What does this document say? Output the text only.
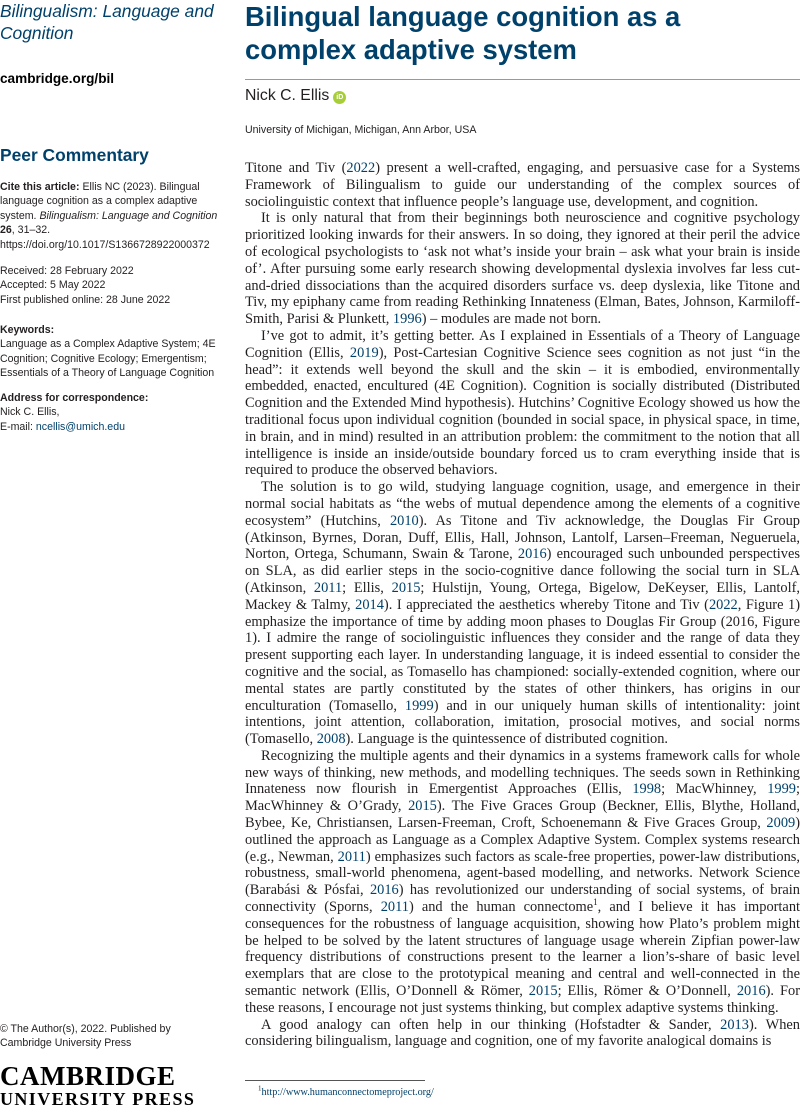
Bilingualism: Language and Cognition
cambridge.org/bil
Peer Commentary
Cite this article: Ellis NC (2023). Bilingual language cognition as a complex adaptive system. Bilingualism: Language and Cognition 26, 31–32. https://doi.org/10.1017/S1366728922000372
Received: 28 February 2022
Accepted: 5 May 2022
First published online: 28 June 2022
Keywords:
Language as a Complex Adaptive System; 4E Cognition; Cognitive Ecology; Emergentism; Essentials of a Theory of Language Cognition
Address for correspondence:
Nick C. Ellis,
E-mail: ncellis@umich.edu
© The Author(s), 2022. Published by Cambridge University Press
CAMBRIDGE
UNIVERSITY PRESS
Bilingual language cognition as a complex adaptive system
Nick C. Ellis iD
University of Michigan, Michigan, Ann Arbor, USA

Titone and Tiv (2022) present a well-crafted, engaging, and persuasive case for a Systems Framework of Bilingualism to guide our understanding of the complex sources of sociolinguistic context that influence people’s language use, development, and cognition.

It is only natural that from their beginnings both neuroscience and cognitive psychology prioritized looking inwards for their answers. In so doing, they ignored at their peril the advice of ecological psychologists to ‘ask not what’s inside your brain – ask what your brain is inside of’. After pursuing some early research showing developmental dyslexia involves far less cut-and-dried dissociations than the acquired disorders surface vs. deep dyslexia, like Titone and Tiv, my epiphany came from reading Rethinking Innateness (Elman, Bates, Johnson, Karmiloff-Smith, Parisi & Plunkett, 1996) – modules are made not born.

I’ve got to admit, it’s getting better. As I explained in Essentials of a Theory of Language Cognition (Ellis, 2019), Post-Cartesian Cognitive Science sees cognition as not just “in the head”: it extends well beyond the skull and the skin – it is embodied, environmentally embedded, enacted, encultured (4E Cognition). Cognition is socially distributed (Distributed Cognition and the Extended Mind hypothesis). Hutchins’ Cognitive Ecology showed us how the traditional focus upon individual cognition (bounded in social space, in physical space, in time, in brain, and in mind) resulted in an attribution problem: the commitment to the notion that all intelligence is inside an inside/outside boundary forced us to cram everything inside that is required to produce the observed behaviors.

The solution is to go wild, studying language cognition, usage, and emergence in their normal social habitats as “the webs of mutual dependence among the elements of a cognitive ecosystem” (Hutchins, 2010). As Titone and Tiv acknowledge, the Douglas Fir Group (Atkinson, Byrnes, Doran, Duff, Ellis, Hall, Johnson, Lantolf, Larsen–Freeman, Negueruela, Norton, Ortega, Schumann, Swain & Tarone, 2016) encouraged such unbounded perspectives on SLA, as did earlier steps in the socio-cognitive dance following the social turn in SLA (Atkinson, 2011; Ellis, 2015; Hulstijn, Young, Ortega, Bigelow, DeKeyser, Ellis, Lantolf, Mackey & Talmy, 2014). I appreciated the aesthetics whereby Titone and Tiv (2022, Figure 1) emphasize the importance of time by adding moon phases to Douglas Fir Group (2016, Figure 1). I admire the range of sociolinguistic influences they consider and the range of data they present supporting each layer. In understanding language, it is indeed essential to consider the cognitive and the social, as Tomasello has championed: socially-extended cognition, where our mental states are partly constituted by the states of other thinkers, has origins in our enculturation (Tomasello, 1999) and in our uniquely human skills of intentionality: joint intentions, joint attention, collaboration, imitation, prosocial motives, and social norms (Tomasello, 2008). Language is the quintessence of distributed cognition.

Recognizing the multiple agents and their dynamics in a systems framework calls for whole new ways of thinking, new methods, and modelling techniques. The seeds sown in Rethinking Innateness now flourish in Emergentist Approaches (Ellis, 1998; MacWhinney, 1999; MacWhinney & O’Grady, 2015). The Five Graces Group (Beckner, Ellis, Blythe, Holland, Bybee, Ke, Christiansen, Larsen-Freeman, Croft, Schoenemann & Five Graces Group, 2009) outlined the approach as Language as a Complex Adaptive System. Complex systems research (e.g., Newman, 2011) emphasizes such factors as scale-free properties, power-law distributions, robustness, small-world phenomena, agent-based modelling, and networks. Network Science (Barabási & Pósfai, 2016) has revolutionized our understanding of social systems, of brain connectivity (Sporns, 2011) and the human connectome$^1$, and I believe it has important consequences for the robustness of language acquisition, showing how Plato’s problem might be helped to be solved by the latent structures of language usage wherein Zipfian power-law frequency distributions of constructions present to the learner a lion’s-share of basic level exemplars that are close to the prototypical meaning and central and well-connected in the semantic network (Ellis, O’Donnell & Römer, 2015; Ellis, Römer & O’Donnell, 2016). For these reasons, I encourage not just systems thinking, but complex adaptive systems thinking.

A good analogy can often help in our thinking (Hofstadter & Sander, 2013). When considering bilingualism, language and cognition, one of my favorite analogical domains is

$^1$http://www.humanconnectomeproject.org/
